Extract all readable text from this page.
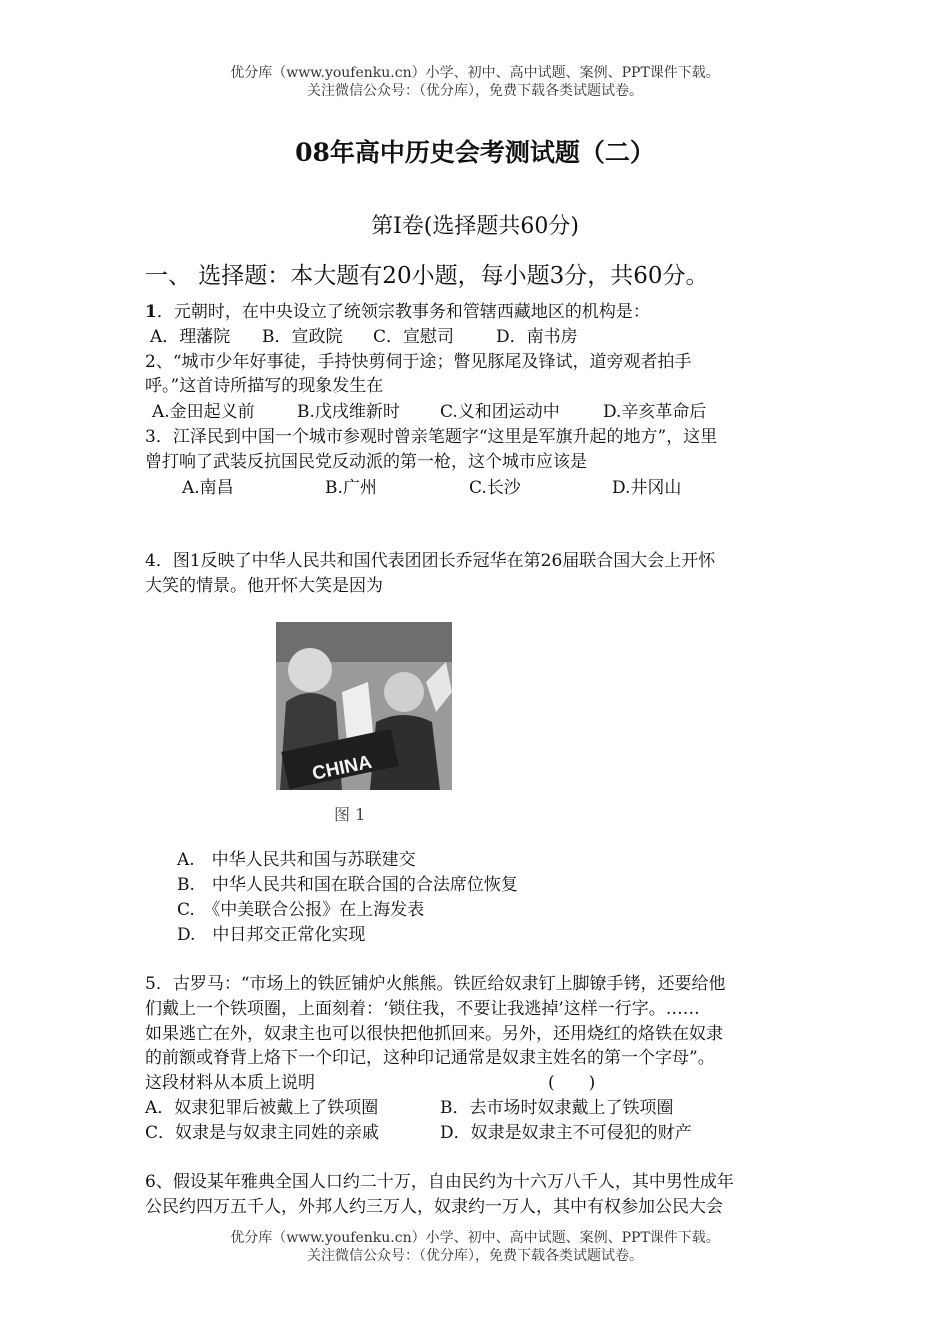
优分库（www.youfenku.cn）小学、初中、高中试题、案例、PPT课件下载。
关注微信公众号：（优分库），免费下载各类试题试卷。
08年高中历史会考测试题（二）
第Ⅰ卷(选择题共60分)
一、 选择题：本大题有20小题，每小题3分，共60分。
1．元朝时，在中央设立了统领宗教事务和管辖西藏地区的机构是：
A．理藩院 B．宣政院 C．宣慰司 D．南书房
2、“城市少年好事徒，手持快剪伺于途；瞥见豚尾及锋试，道旁观者拍手
呼。”这首诗所描写的现象发生在
A.金田起义前 B.戊戌维新时 C.义和团运动中	D.辛亥革命后
3．江泽民到中国一个城市参观时曾亲笔题字“这里是军旗升起的地方”，这里
曾打响了武装反抗国民党反动派的第一枪，这个城市应该是
A.南昌	B.广州	C.长沙	D.井冈山
4．图1反映了中华人民共和国代表团团长乔冠华在第26届联合国大会上开怀
大笑的情景。他开怀大笑是因为
CHINA
图 1
A.　中华人民共和国与苏联建交
B.　中华人民共和国在联合国的合法席位恢复
C.　《中美联合公报》在上海发表
D.　中日邦交正常化实现
5．古罗马：“市场上的铁匠铺炉火熊熊。铁匠给奴隶钉上脚镣手铐，还要给他
们戴上一个铁项圈，上面刻着：‘锁住我，不要让我逃掉’这样一行字。……
如果逃亡在外，奴隶主也可以很快把他抓回来。另外，还用烧红的烙铁在奴隶
的前额或脊背上烙下一个印记，这种印记通常是奴隶主姓名的第一个字母”。
这段材料从本质上说明	(　　)
A．奴隶犯罪后被戴上了铁项圈	B．去市场时奴隶戴上了铁项圈
C．奴隶是与奴隶主同姓的亲戚	D．奴隶是奴隶主不可侵犯的财产
6、假设某年雅典全国人口约二十万，自由民约为十六万八千人，其中男性成年
公民约四万五千人，外邦人约三万人，奴隶约一万人，其中有权参加公民大会
优分库（www.youfenku.cn）小学、初中、高中试题、案例、PPT课件下载。
关注微信公众号：（优分库），免费下载各类试题试卷。
